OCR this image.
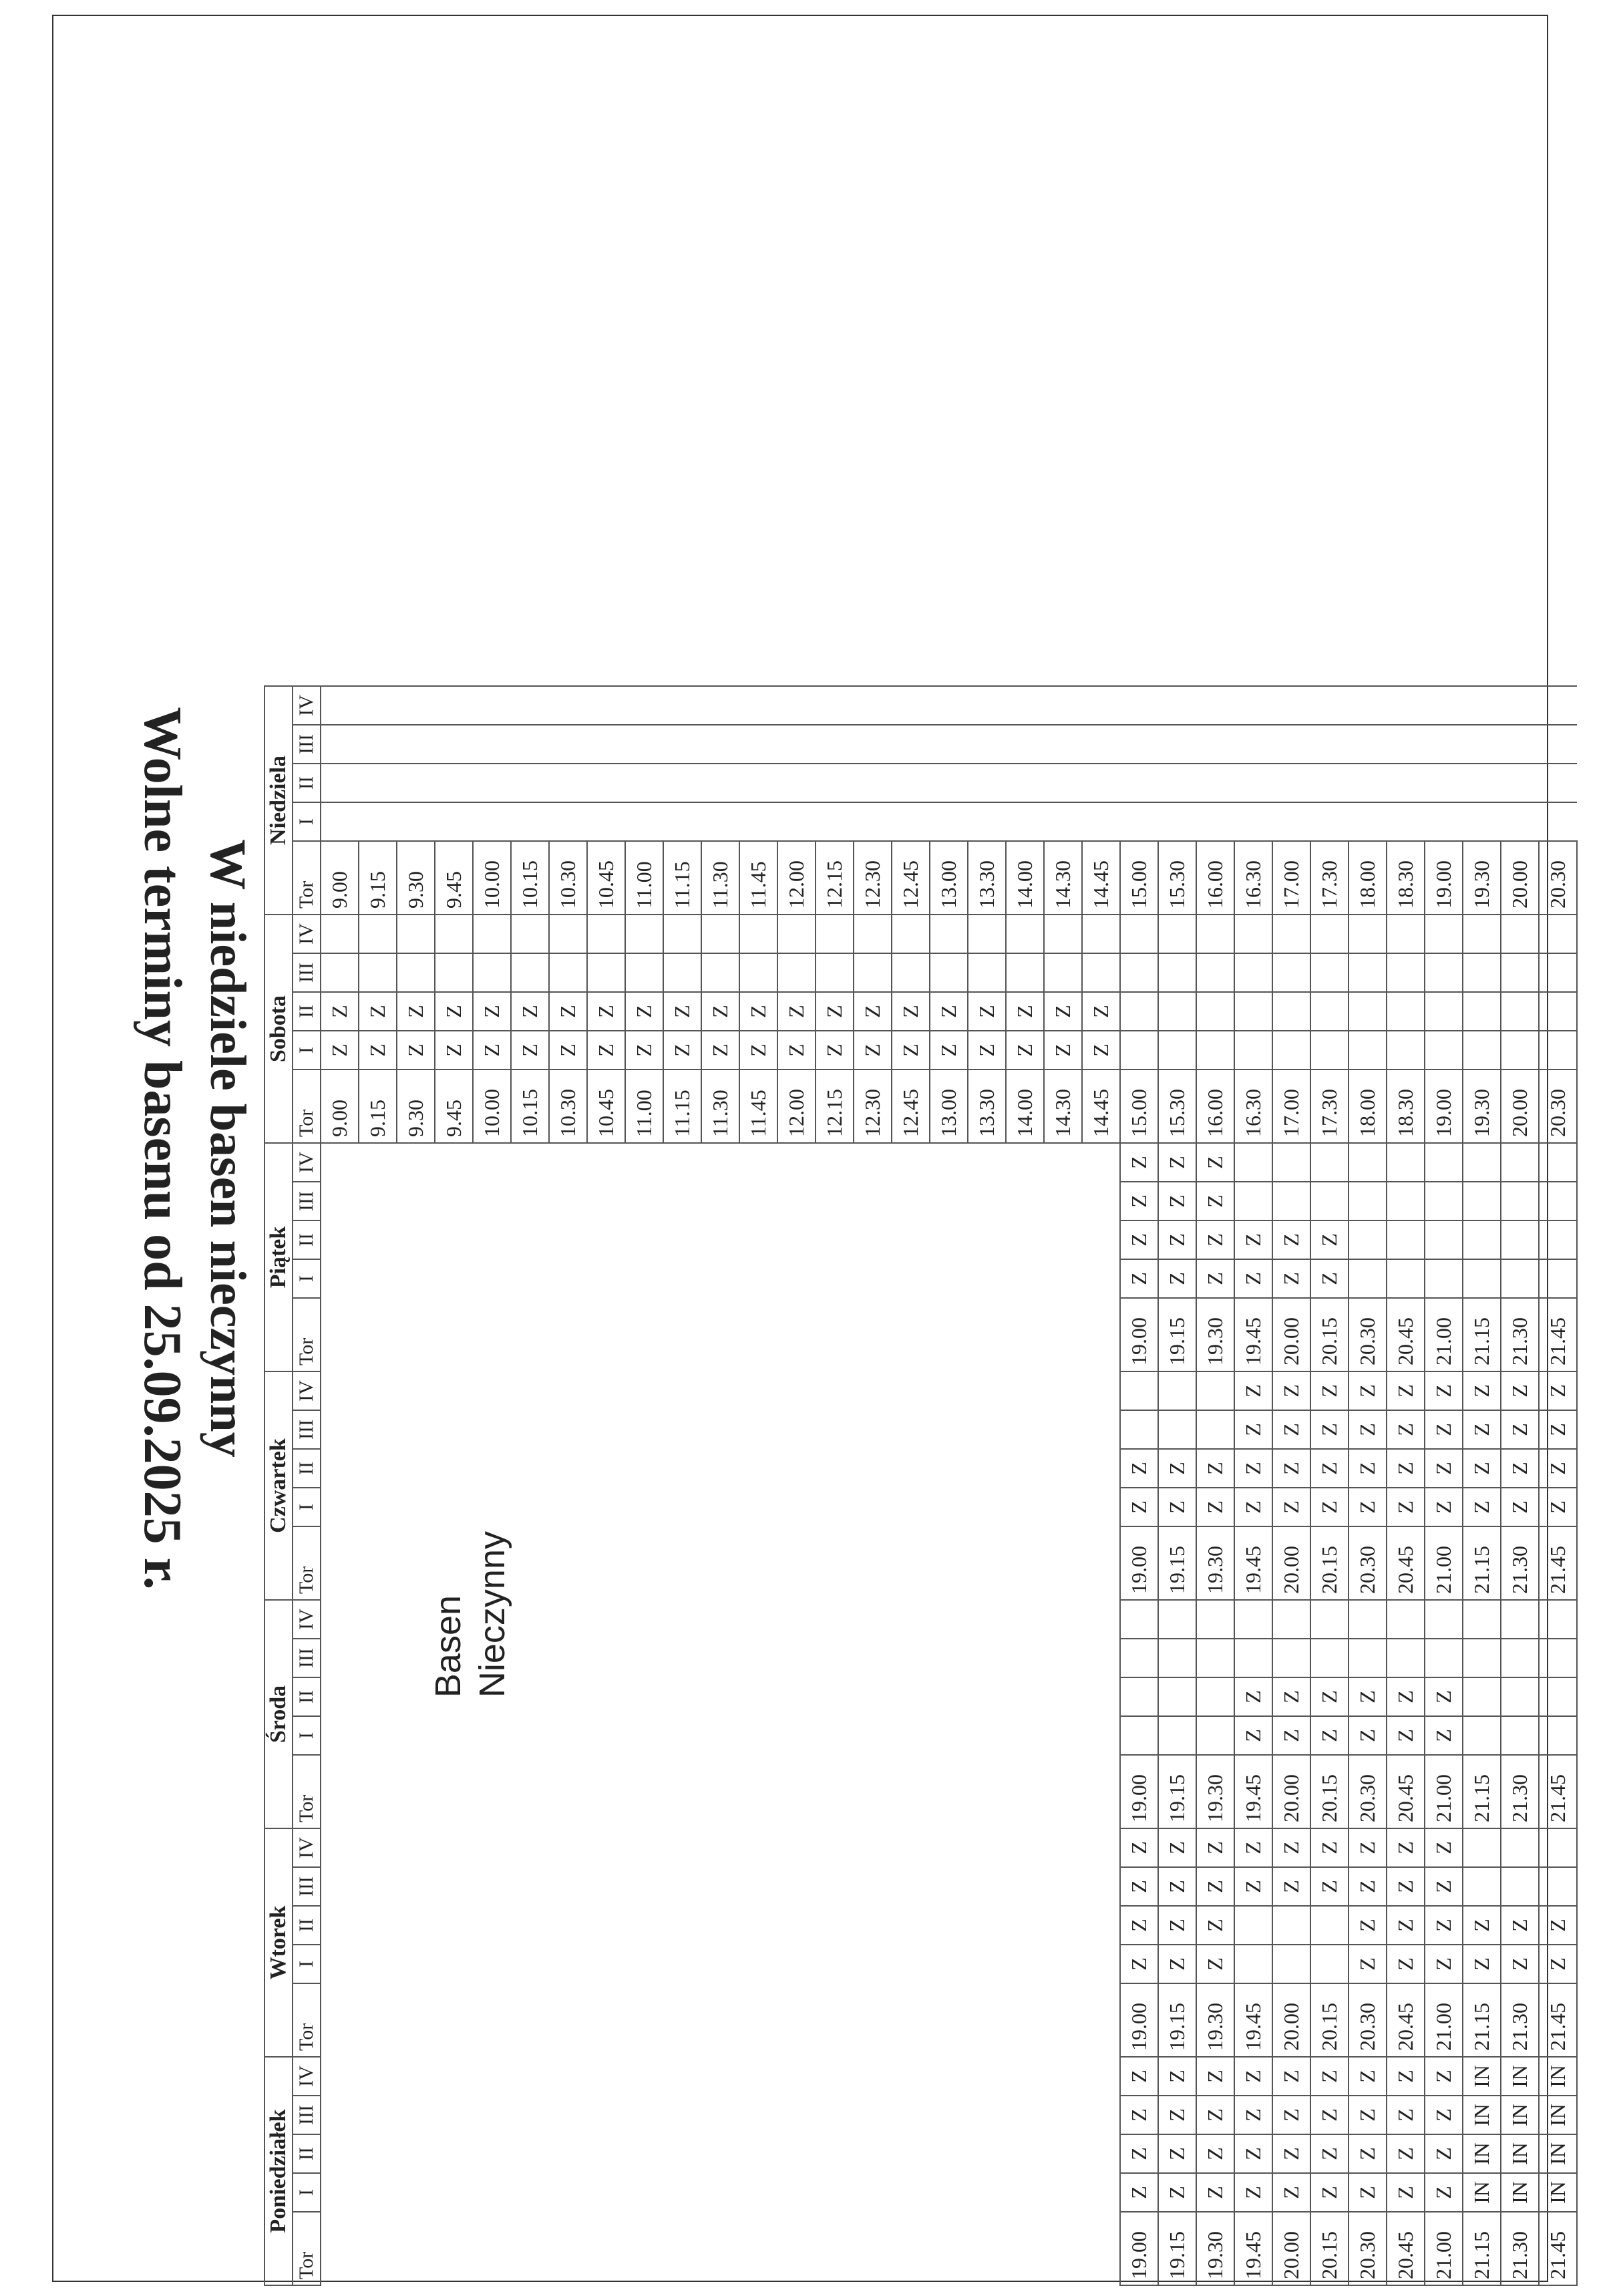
Wolne terminy basenu od 25.09.2025 r. W niedziele basen nieczynny
Poniedziałek					Wtorek					Środa					Czwartek					Piątek					Sobota					Niedziela				
Tor	I	II	III	IV	Tor	I	II	III	IV	Tor	I	II	III	IV	Tor	I	II	III	IV	Tor	I	II	III	IV	Tor	I	II	III	IV	Tor	I	II	III	IV
																									9.00	Z	Z			9.00				
																									9.15	Z	Z			9.15				
																									9.30	Z	Z			9.30				
																									9.45	Z	Z			9.45				
																									10.00	Z	Z			10.00				
																									10.15	Z	Z			10.15				
																									10.30	Z	Z			10.30				
																									10.45	Z	Z			10.45				
																									11.00	Z	Z			11.00				
																									11.15	Z	Z			11.15				
																									11.30	Z	Z			11.30				
																									11.45	Z	Z			11.45				
																									12.00	Z	Z			12.00				
																									12.15	Z	Z			12.15				
																									12.30	Z	Z			12.30				
																									12.45	Z	Z			12.45				
																									13.00	Z	Z			13.00				
																									13.30	Z	Z			13.30				
																									14.00	Z	Z			14.00				
																									14.30	Z	Z			14.30				
																									14.45	Z	Z			14.45				
19.00	Z	Z	Z	Z	19.00	Z	Z	Z	Z	19.00					19.00	Z	Z			19.00	Z	Z	Z	Z	15.00					15.00				
19.15	Z	Z	Z	Z	19.15	Z	Z	Z	Z	19.15					19.15	Z	Z			19.15	Z	Z	Z	Z	15.30					15.30				
19.30	Z	Z	Z	Z	19.30	Z	Z	Z	Z	19.30					19.30	Z	Z			19.30	Z	Z	Z	Z	16.00					16.00				
19.45	Z	Z	Z	Z	19.45			Z	Z	19.45	Z	Z			19.45	Z	Z	Z	Z	19.45	Z	Z			16.30					16.30				
20.00	Z	Z	Z	Z	20.00			Z	Z	20.00	Z	Z			20.00	Z	Z	Z	Z	20.00	Z	Z			17.00					17.00				
20.15	Z	Z	Z	Z	20.15			Z	Z	20.15	Z	Z			20.15	Z	Z	Z	Z	20.15	Z	Z			17.30					17.30				
20.30	Z	Z	Z	Z	20.30	Z	Z	Z	Z	20.30	Z	Z			20.30	Z	Z	Z	Z	20.30					18.00					18.00				
20.45	Z	Z	Z	Z	20.45	Z	Z	Z	Z	20.45	Z	Z			20.45	Z	Z	Z	Z	20.45					18.30					18.30				
21.00	Z	Z	Z	Z	21.00	Z	Z	Z	Z	21.00	Z	Z			21.00	Z	Z	Z	Z	21.00					19.00					19.00				
21.15	IN	IN	IN	IN	21.15	Z	Z			21.15					21.15	Z	Z	Z	Z	21.15					19.30					19.30				
21.30	IN	IN	IN	IN	21.30	Z	Z			21.30					21.30	Z	Z	Z	Z	21.30					20.00					20.00				
21.45	IN	IN	IN	IN	21.45	Z	Z			21.45					21.45	Z	Z	Z	Z	21.45					20.30					20.30				
Basen Nieczynny
